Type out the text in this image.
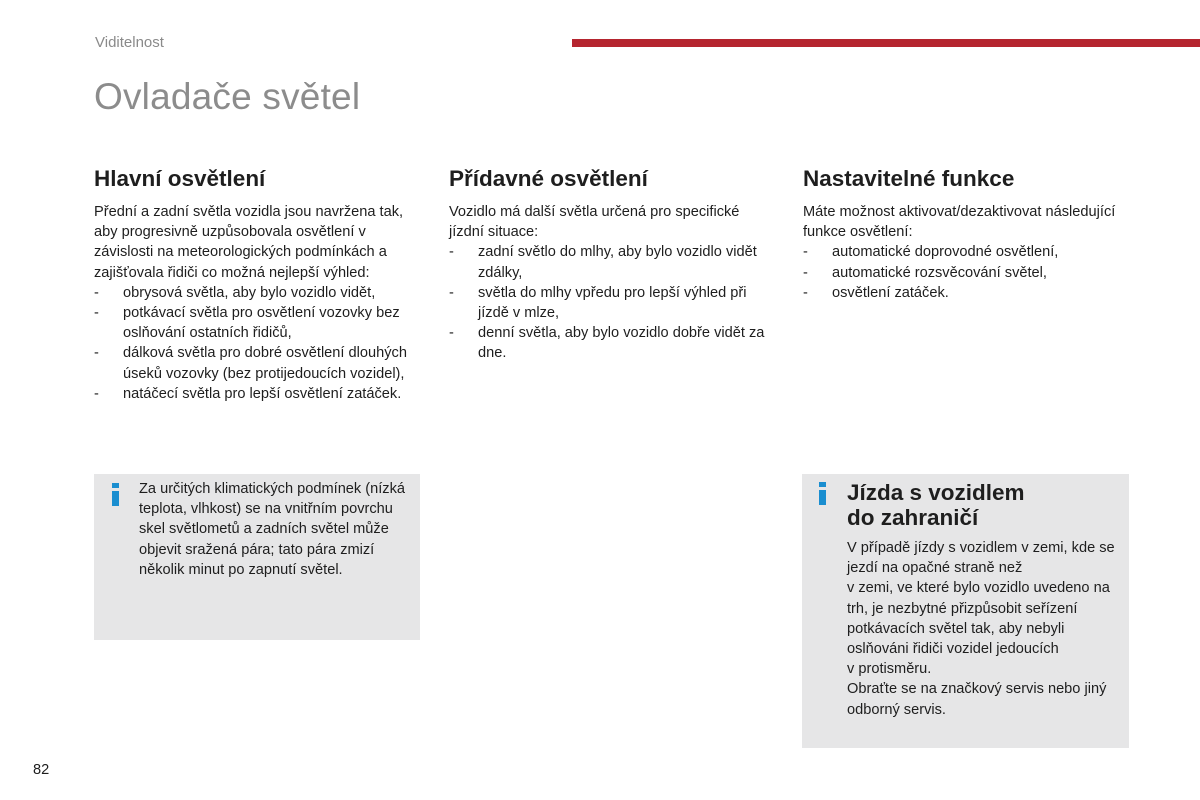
Viditelnost
Ovladače světel
Hlavní osvětlení

Přední a zadní světla vozidla jsou navržena tak, aby progresivně uzpůsobovala osvětlení v závislosti na meteorologických podmínkách a zajišťovala řidiči co možná nejlepší výhled:

- obrysová světla, aby bylo vozidlo vidět,
- potkávací světla pro osvětlení vozovky bez oslňování ostatních řidičů,
- dálková světla pro dobré osvětlení dlouhých úseků vozovky (bez protijedoucích vozidel),
- natáčecí světla pro lepší osvětlení zatáček.
Přídavné osvětlení

Vozidlo má další světla určená pro specifické jízdní situace:

- zadní světlo do mlhy, aby bylo vozidlo vidět zdálky,
- světla do mlhy vpředu pro lepší výhled při jízdě v mlze,
- denní světla, aby bylo vozidlo dobře vidět za dne.
Nastavitelné funkce

Máte možnost aktivovat/dezaktivovat následující funkce osvětlení:

- automatické doprovodné osvětlení,
- automatické rozsvěcování světel,
- osvětlení zatáček.
Za určitých klimatických podmínek (nízká teplota, vlhkost) se na vnitřním povrchu skel světlometů a zadních světel může objevit sražená pára; tato pára zmizí několik minut po zapnutí světel.
Jízda s vozidlem
do zahraničí
V případě jízdy s vozidlem v zemi, kde se jezdí na opačné straně než
v zemi, ve které bylo vozidlo uvedeno na trh, je nezbytné přizpůsobit seřízení potkávacích světel tak, aby nebyli oslňováni řidiči vozidel jedoucích
v protisměru.
Obraťte se na značkový servis nebo jiný odborný servis.
82
